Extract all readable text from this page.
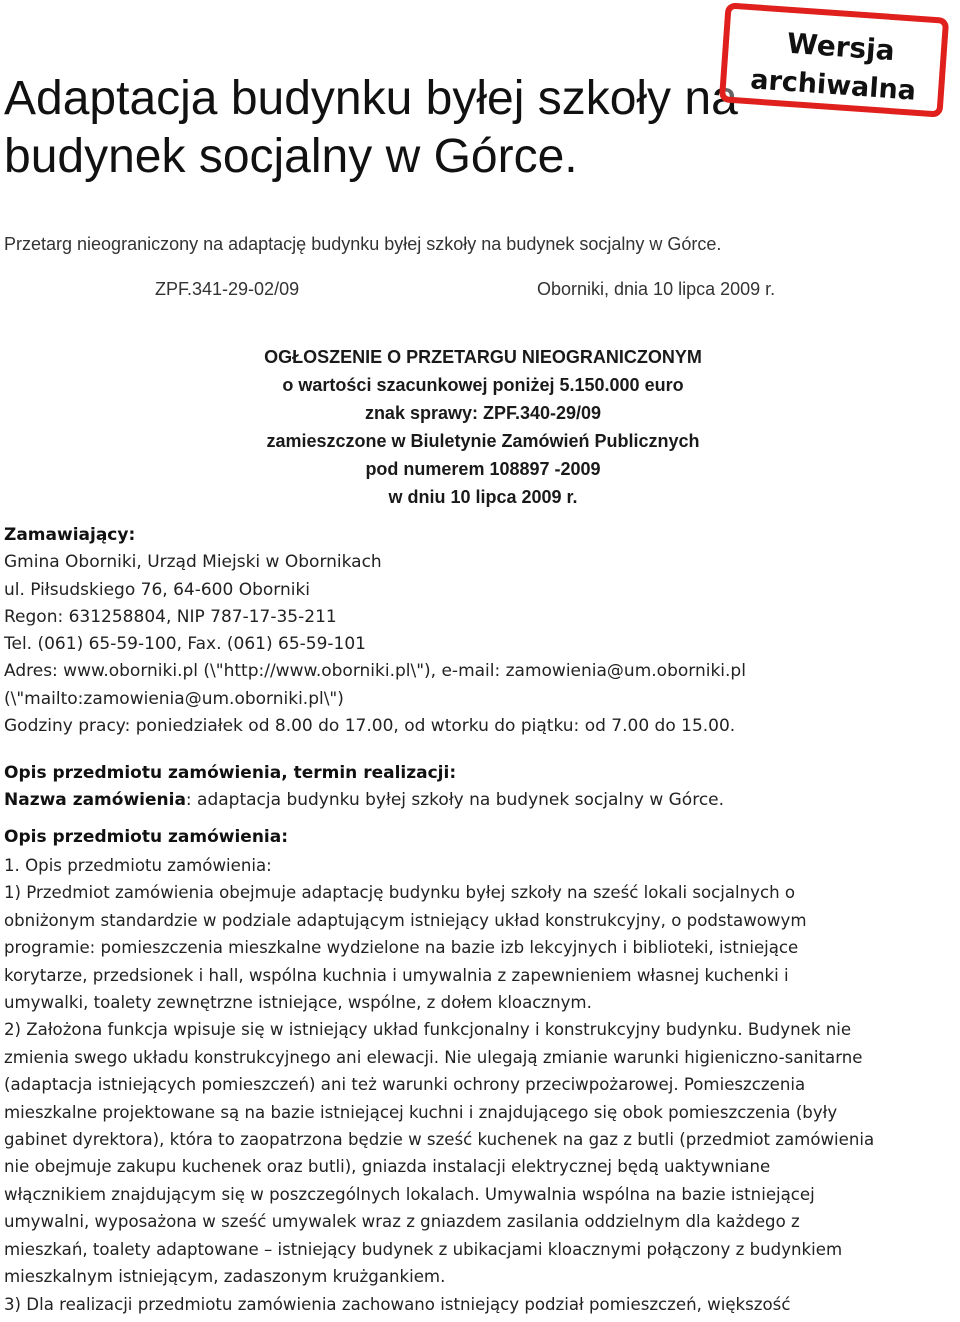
Adaptacja budynku byłej szkoły na
budynek socjalny w Górce.
Wersja
archiwalna

Przetarg nieograniczony na adaptację budynku byłej szkoły na budynek socjalny w Górce.

ZPF.341-29-02/09	Oborniki, dnia 10 lipca 2009 r.

OGŁOSZENIE O PRZETARGU NIEOGRANICZONYM
o wartości szacunkowej poniżej 5.150.000 euro
znak sprawy: ZPF.340-29/09
zamieszczone w Biuletynie Zamówień Publicznych
pod numerem 108897 -2009
w dniu 10 lipca 2009 r.
Zamawiający:
Gmina Oborniki, Urząd Miejski w Obornikach
ul. Piłsudskiego 76, 64-600 Oborniki
Regon: 631258804, NIP 787-17-35-211
Tel. (061) 65-59-100, Fax. (061) 65-59-101
Adres: www.oborniki.pl (\"http://www.oborniki.pl\"), e-mail: zamowienia@um.oborniki.pl
(\"mailto:zamowienia@um.oborniki.pl\")
Godziny pracy: poniedziałek od 8.00 do 17.00, od wtorku do piątku: od 7.00 do 15.00.
Opis przedmiotu zamówienia, termin realizacji:
Nazwa zamówienia: adaptacja budynku byłej szkoły na budynek socjalny w Górce.
Opis przedmiotu zamówienia:
1. Opis przedmiotu zamówienia:
1) Przedmiot zamówienia obejmuje adaptację budynku byłej szkoły na sześć lokali socjalnych o
obniżonym standardzie w podziale adaptującym istniejący układ konstrukcyjny, o podstawowym
programie: pomieszczenia mieszkalne wydzielone na bazie izb lekcyjnych i biblioteki, istniejące
korytarze, przedsionek i hall, wspólna kuchnia i umywalnia z zapewnieniem własnej kuchenki i
umywalki, toalety zewnętrzne istniejące, wspólne, z dołem kloacznym.
2) Założona funkcja wpisuje się w istniejący układ funkcjonalny i konstrukcyjny budynku. Budynek nie
zmienia swego układu konstrukcyjnego ani elewacji. Nie ulegają zmianie warunki higieniczno-sanitarne
(adaptacja istniejących pomieszczeń) ani też warunki ochrony przeciwpożarowej. Pomieszczenia
mieszkalne projektowane są na bazie istniejącej kuchni i znajdującego się obok pomieszczenia (były
gabinet dyrektora), która to zaopatrzona będzie w sześć kuchenek na gaz z butli (przedmiot zamówienia
nie obejmuje zakupu kuchenek oraz butli), gniazda instalacji elektrycznej będą uaktywniane
włącznikiem znajdującym się w poszczególnych lokalach. Umywalnia wspólna na bazie istniejącej
umywalni, wyposażona w sześć umywalek wraz z gniazdem zasilania oddzielnym dla każdego z
mieszkań, toalety adaptowane – istniejący budynek z ubikacjami kloacznymi połączony z budynkiem
mieszkalnym istniejącym, zadaszonym krużgankiem.
3) Dla realizacji przedmiotu zamówienia zachowano istniejący podział pomieszczeń, większość
